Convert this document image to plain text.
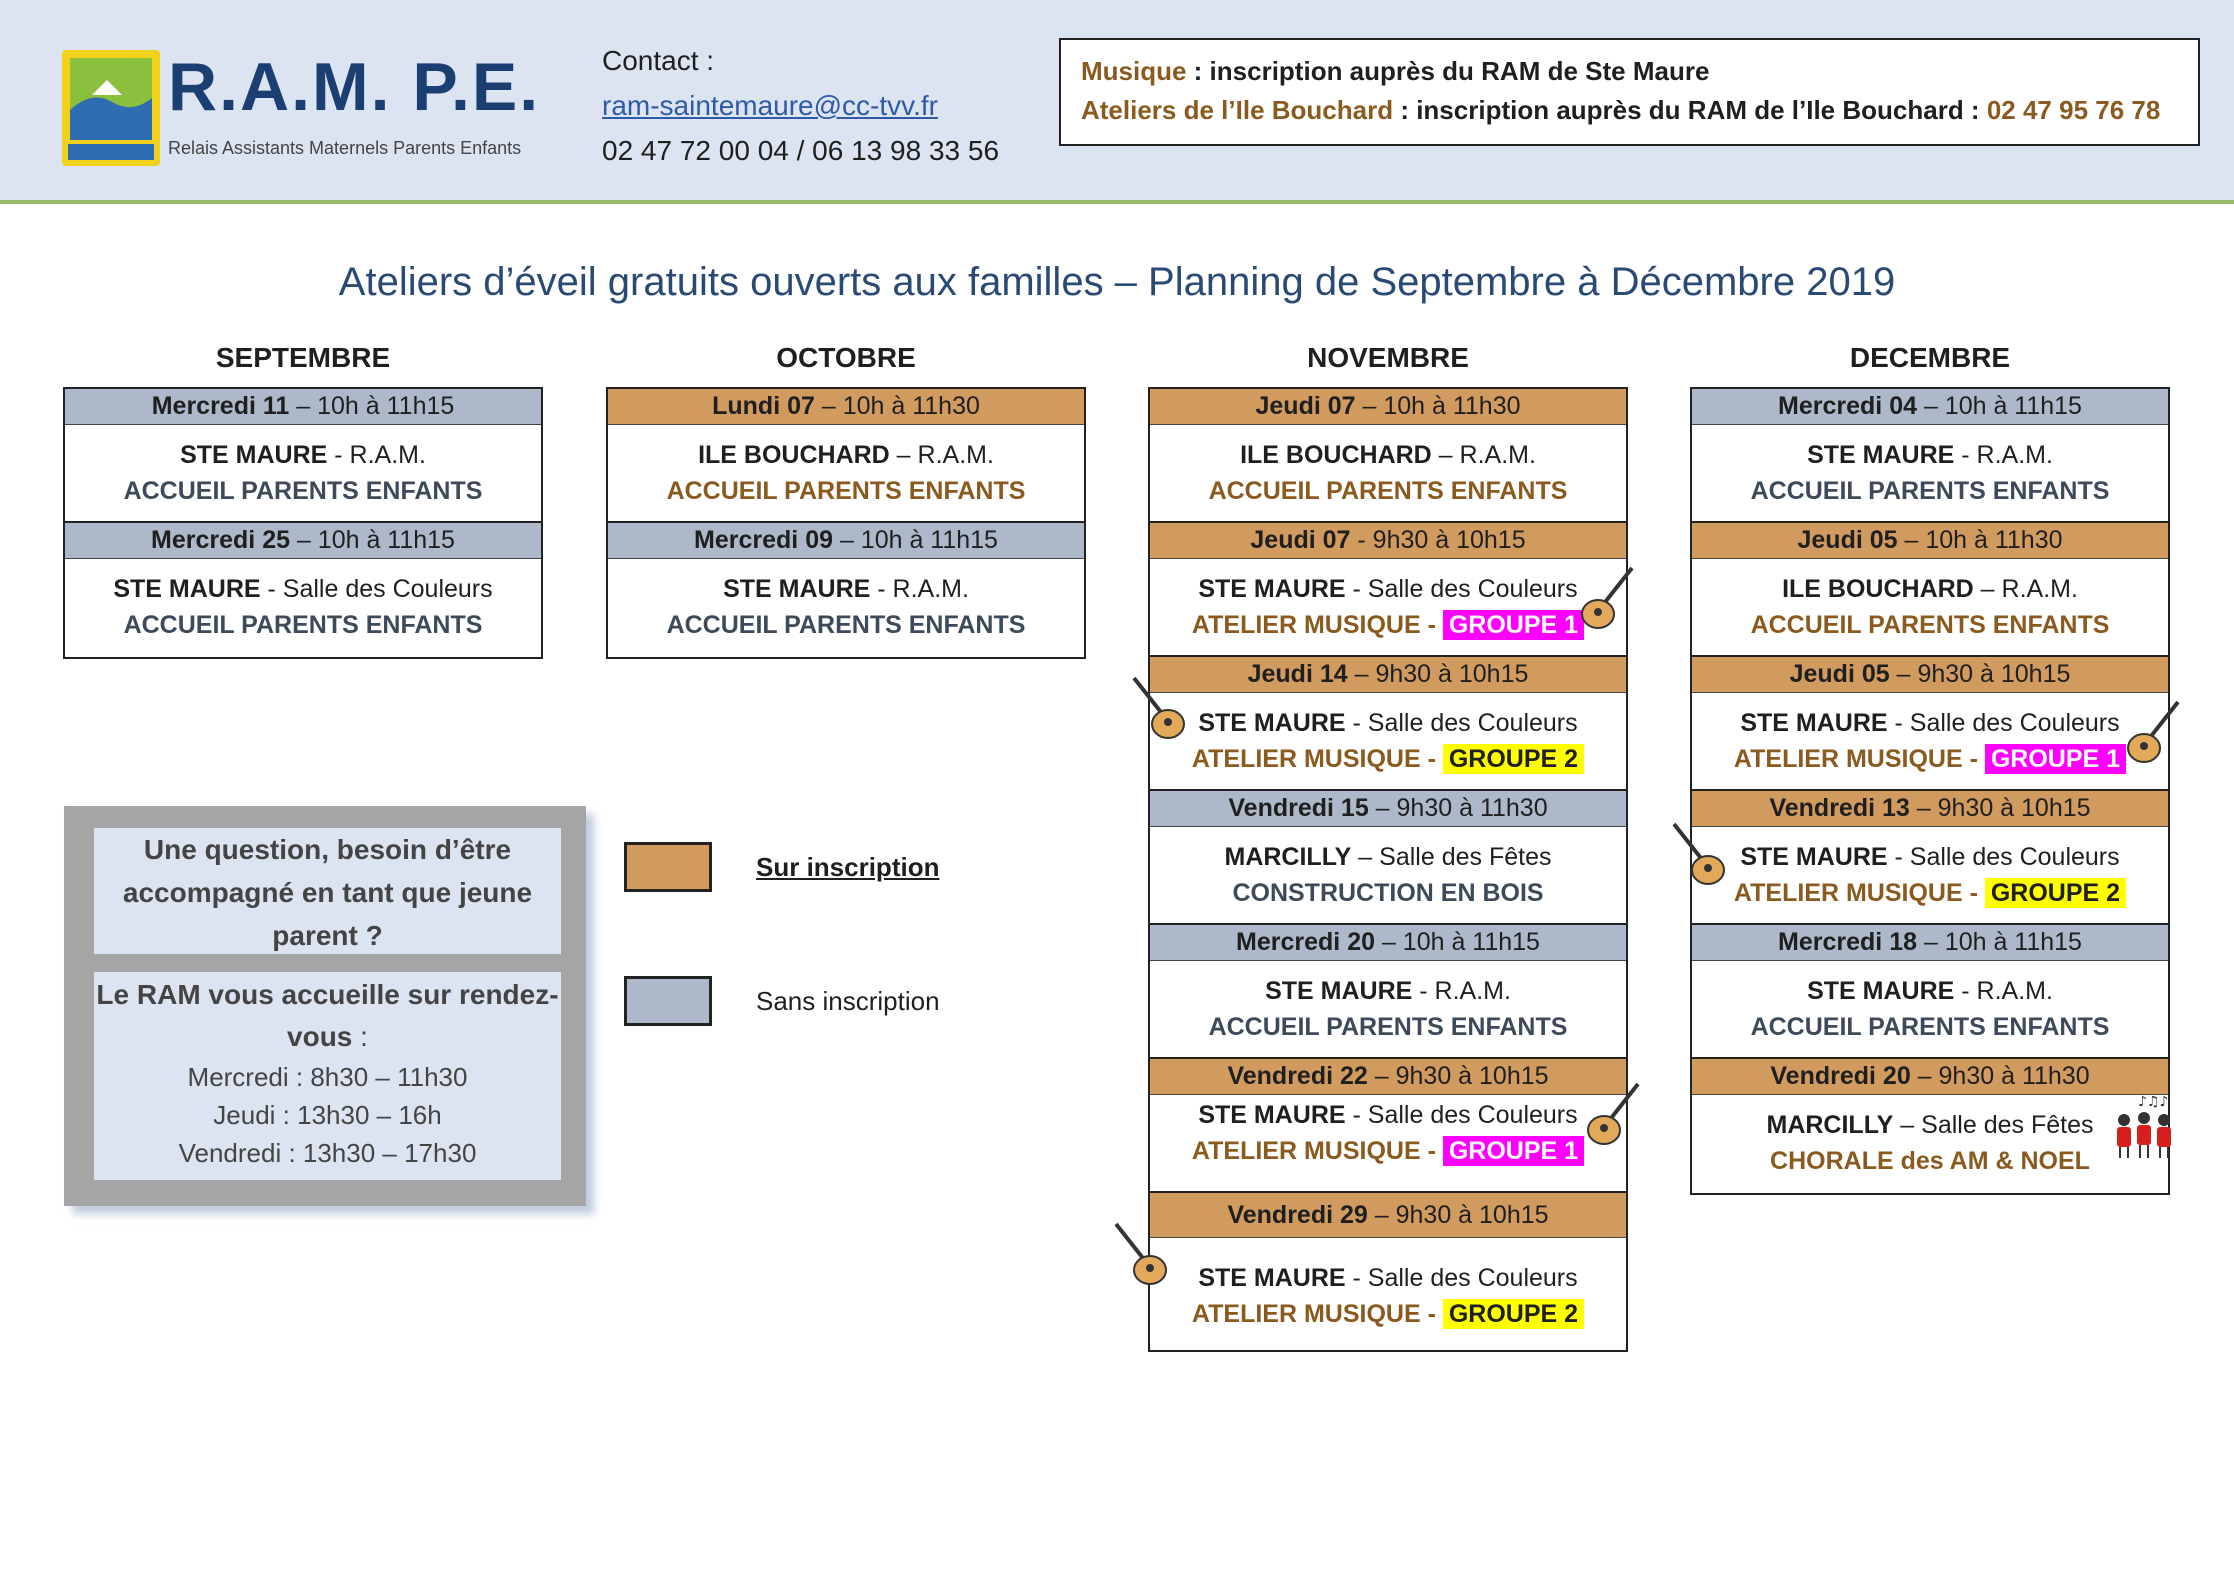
R.A.M. P.E.
Relais Assistants Maternels Parents Enfants
Contact :
ram-saintemaure@cc-tvv.fr
02 47 72 00 04 / 06 13 98 33 56
Musique : inscription auprès du RAM de Ste Maure
Ateliers de l’Ile Bouchard : inscription auprès du RAM de l’Ile Bouchard : 02 47 95 76 78
Ateliers d’éveil gratuits ouverts aux familles – Planning de Septembre à Décembre 2019
SEPTEMBRE	OCTOBRE	NOVEMBRE	DECEMBRE
Mercredi 11 – 10h à 11h15
STE MAURE - R.A.M.
ACCUEIL PARENTS ENFANTS
Mercredi 25 – 10h à 11h15
STE MAURE - Salle des Couleurs
ACCUEIL PARENTS ENFANTS
Lundi 07 – 10h à 11h30
ILE BOUCHARD – R.A.M.
ACCUEIL PARENTS ENFANTS
Mercredi 09 – 10h à 11h15
STE MAURE - R.A.M.
ACCUEIL PARENTS ENFANTS
Jeudi 07 – 10h à 11h30
ILE BOUCHARD – R.A.M.
ACCUEIL PARENTS ENFANTS
Jeudi 07 - 9h30 à 10h15
STE MAURE - Salle des Couleurs
ATELIER MUSIQUE - GROUPE 1
Jeudi 14 – 9h30 à 10h15
STE MAURE - Salle des Couleurs
ATELIER MUSIQUE - GROUPE 2
Vendredi 15 – 9h30 à 11h30
MARCILLY – Salle des Fêtes
CONSTRUCTION EN BOIS
Mercredi 20 – 10h à 11h15
STE MAURE - R.A.M.
ACCUEIL PARENTS ENFANTS
Vendredi 22 – 9h30 à 10h15
STE MAURE - Salle des Couleurs
ATELIER MUSIQUE - GROUPE 1
Vendredi 29 – 9h30 à 10h15
STE MAURE - Salle des Couleurs
ATELIER MUSIQUE - GROUPE 2
Mercredi 04 – 10h à 11h15
STE MAURE - R.A.M.
ACCUEIL PARENTS ENFANTS
Jeudi 05 – 10h à 11h30
ILE BOUCHARD – R.A.M.
ACCUEIL PARENTS ENFANTS
Jeudi 05 – 9h30 à 10h15
STE MAURE - Salle des Couleurs
ATELIER MUSIQUE - GROUPE 1
Vendredi 13 – 9h30 à 10h15
STE MAURE - Salle des Couleurs
ATELIER MUSIQUE - GROUPE 2
Mercredi 18 – 10h à 11h15
STE MAURE - R.A.M.
ACCUEIL PARENTS ENFANTS
Vendredi 20 – 9h30 à 11h30
MARCILLY – Salle des Fêtes
CHORALE des AM & NOEL
♪♫♪
Une question, besoin d’être accompagné en tant que jeune parent ?
Le RAM vous accueille sur rendez-vous :
Mercredi : 8h30 – 11h30
Jeudi : 13h30 – 16h
Vendredi : 13h30 – 17h30
Sur inscription
Sans inscription
